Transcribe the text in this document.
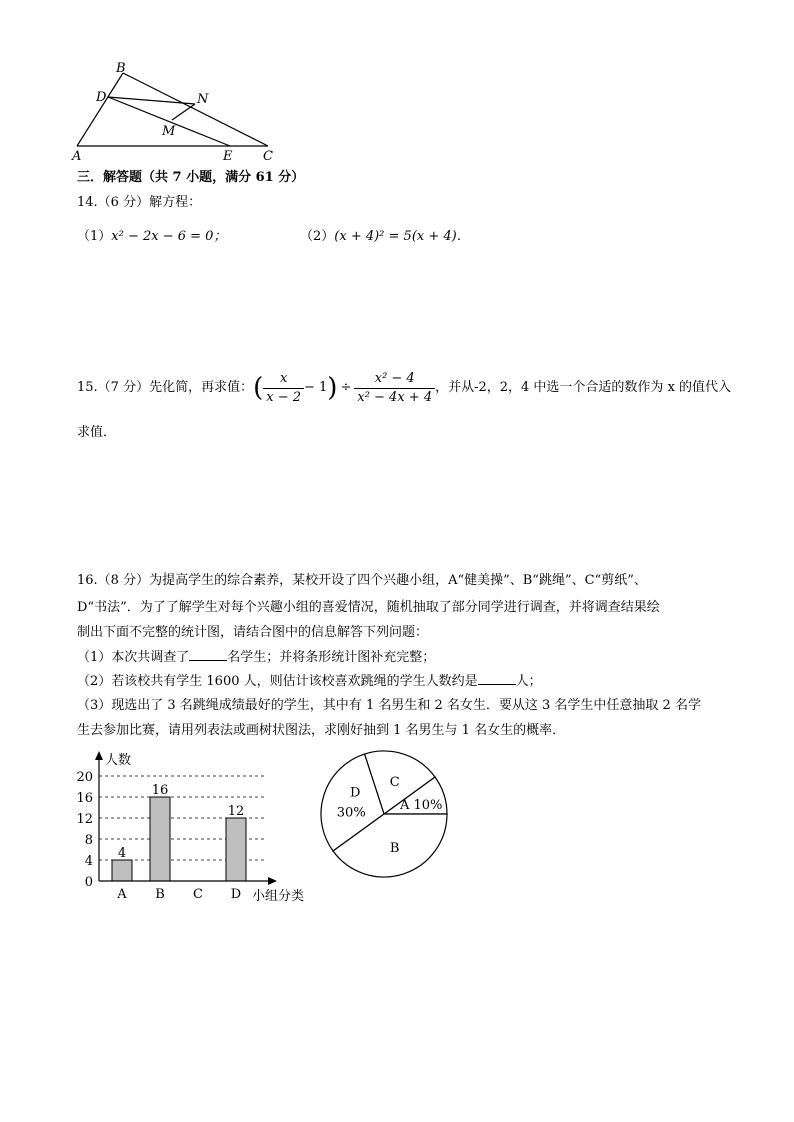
B
D	N
M
A	E C
三．解答题（共 7 小题，满分 61 分）
14.（6 分）解方程：
（1）x² − 2x − 6 = 0；	（2）(x + 4)² = 5(x + 4)．
15.（7 分）先化简，再求值： ( $\frac{x}{x - 2} - 1$ ) ÷ $\frac{\text{x² − 4}}{\text{x² − 4x + 4}}$ ，并从-2，2，4 中选一个合适的数作为 x 的值代入
求值．
16.（8 分）为提高学生的综合素养，某校开设了四个兴趣小组，A“健美操”、B“跳绳”、C“剪纸”、
D“书法”．为了了解学生对每个兴趣小组的喜爱情况，随机抽取了部分同学进行调查，并将调查结果绘
制出下面不完整的统计图，请结合图中的信息解答下列问题：
（1）本次共调查了	名学生；并将条形统计图补充完整；
（2）若该校共有学生 1600 人，则估计该校喜欢跳绳的学生人数约是	人；
（3）现选出了 3 名跳绳成绩最好的学生，其中有 1 名男生和 2 名女生．要从这 3 名学生中任意抽取 2 名学
生去参加比赛，请用列表法或画树状图法，求刚好抽到 1 名男生与 1 名女生的概率．
0
4
8
12
16
20
4
A
16
B C
12
D
人数
小组分类
A 10%
C
D
30%
B
